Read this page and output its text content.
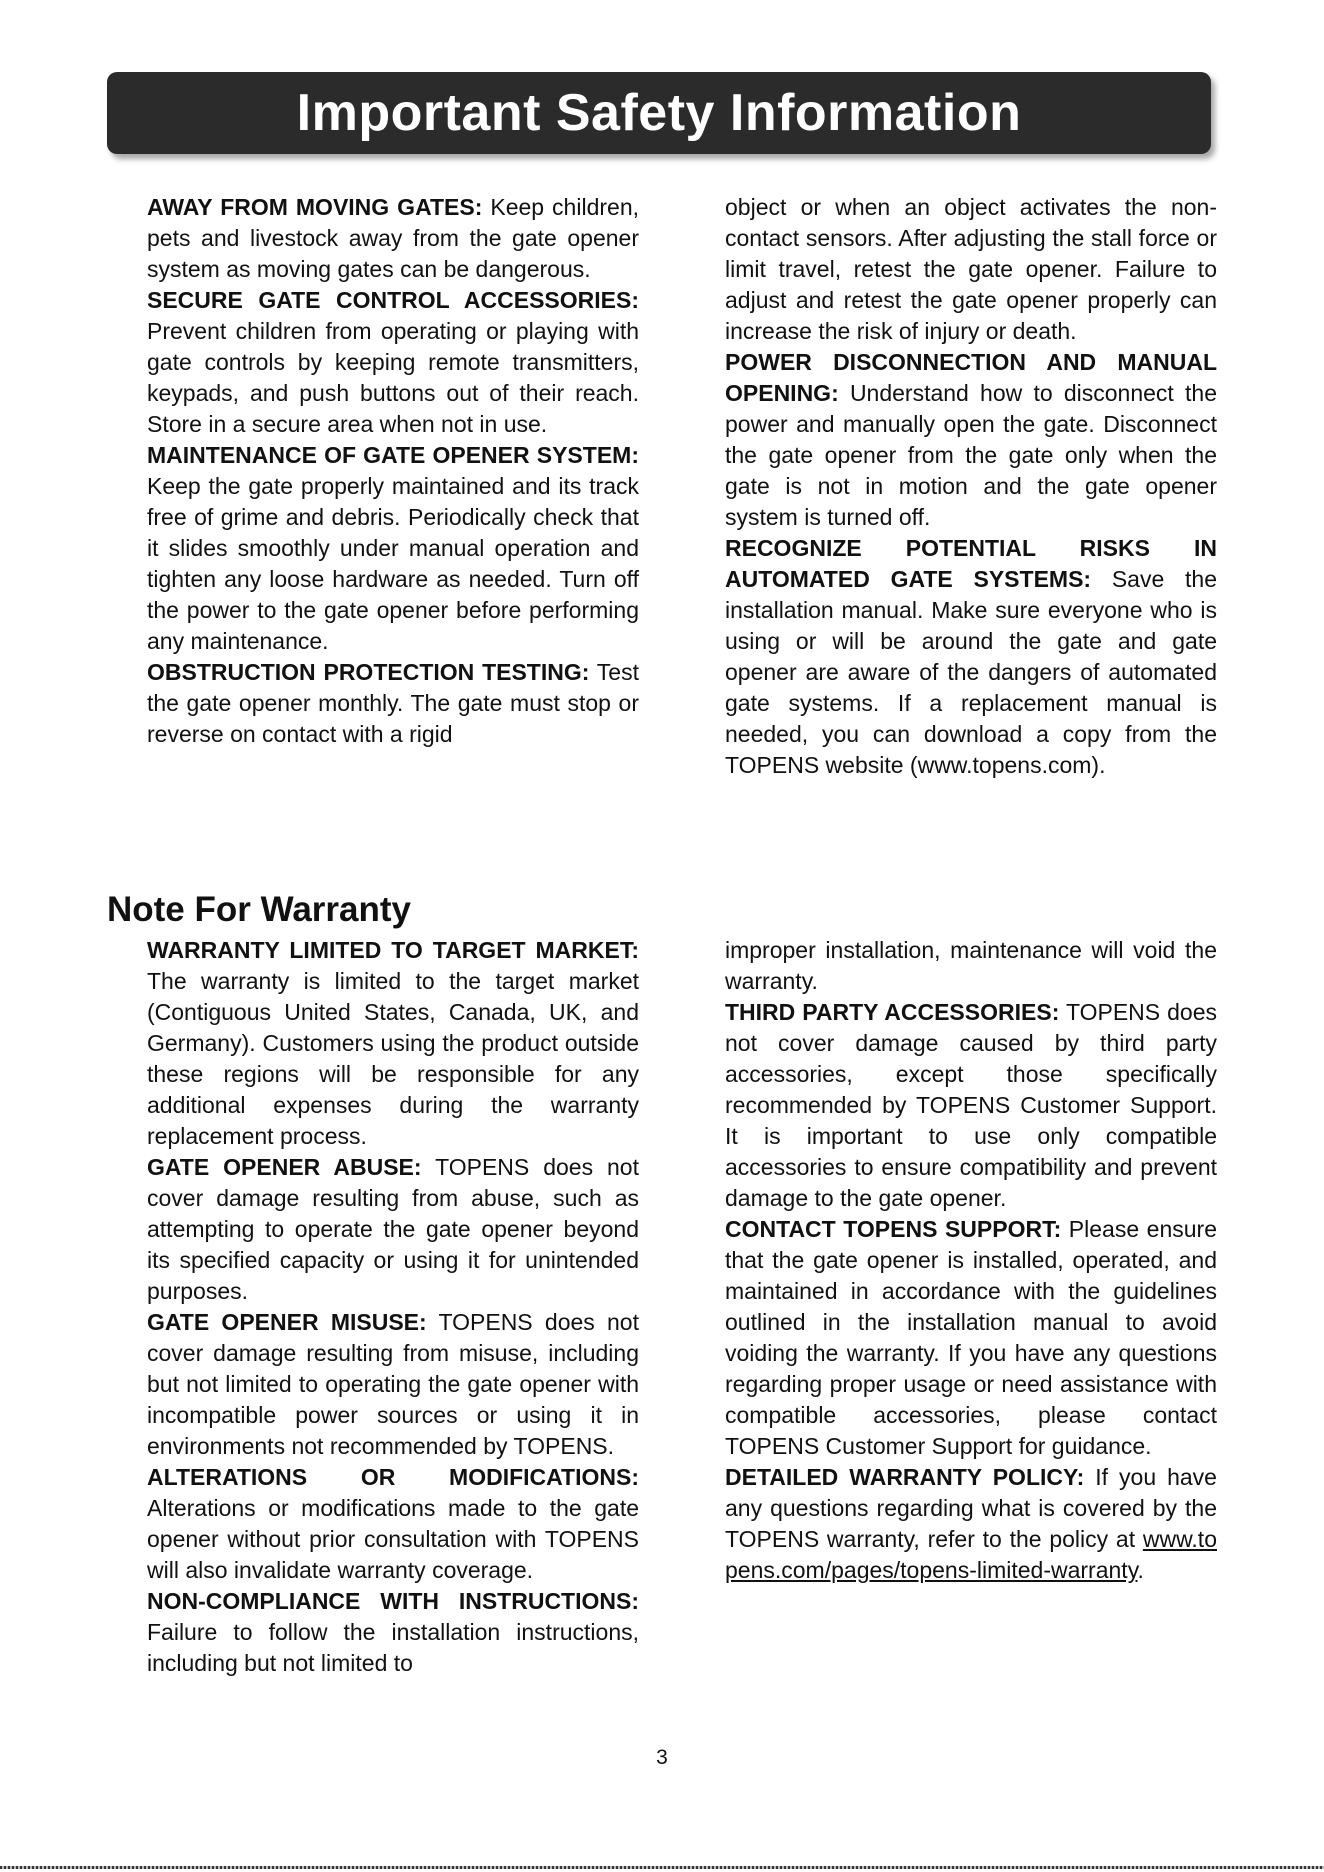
Important Safety Information

AWAY FROM MOVING GATES: Keep children, pets and livestock away from the gate opener system as moving gates can be dangerous.

SECURE GATE CONTROL ACCESSORIES: Prevent children from operating or playing with gate controls by keeping remote transmitters, keypads, and push buttons out of their reach. Store in a secure area when not in use.

MAINTENANCE OF GATE OPENER SYSTEM: Keep the gate properly maintained and its track free of grime and debris. Periodically check that it slides smoothly under manual operation and tighten any loose hardware as needed. Turn off the power to the gate opener before performing any maintenance.

OBSTRUCTION PROTECTION TESTING: Test the gate opener monthly. The gate must stop or reverse on contact with a rigid

object or when an object activates the non-contact sensors. After adjusting the stall force or limit travel, retest the gate opener. Failure to adjust and retest the gate opener properly can increase the risk of injury or death.

POWER DISCONNECTION AND MANUAL OPENING: Understand how to disconnect the power and manually open the gate. Disconnect the gate opener from the gate only when the gate is not in motion and the gate opener system is turned off.

RECOGNIZE POTENTIAL RISKS IN AUTOMATED GATE SYSTEMS: Save the installation manual. Make sure everyone who is using or will be around the gate and gate opener are aware of the dangers of automated gate systems. If a replacement manual is needed, you can download a copy from the TOPENS website (www.topens.com).

Note For Warranty

WARRANTY LIMITED TO TARGET MARKET: The warranty is limited to the target market (Contiguous United States, Canada, UK, and Germany). Customers using the product outside these regions will be responsible for any additional expenses during the warranty replacement process.

GATE OPENER ABUSE: TOPENS does not cover damage resulting from abuse, such as attempting to operate the gate opener beyond its specified capacity or using it for unintended purposes.

GATE OPENER MISUSE: TOPENS does not cover damage resulting from misuse, including but not limited to operating the gate opener with incompatible power sources or using it in environments not recommended by TOPENS.

ALTERATIONS OR MODIFICATIONS: Alterations or modifications made to the gate opener without prior consultation with TOPENS will also invalidate warranty coverage.

NON-COMPLIANCE WITH INSTRUCTIONS: Failure to follow the installation instructions, including but not limited to

improper installation, maintenance will void the warranty.

THIRD PARTY ACCESSORIES: TOPENS does not cover damage caused by third party accessories, except those specifically recommended by TOPENS Customer Support. It is important to use only compatible accessories to ensure compatibility and prevent damage to the gate opener.

CONTACT TOPENS SUPPORT: Please ensure that the gate opener is installed, operated, and maintained in accordance with the guidelines outlined in the installation manual to avoid voiding the warranty. If you have any questions regarding proper usage or need assistance with compatible accessories, please contact TOPENS Customer Support for guidance.

DETAILED WARRANTY POLICY: If you have any questions regarding what is covered by the TOPENS warranty, refer to the policy at www.topens.com/pages/topens-limited-warranty.

3
